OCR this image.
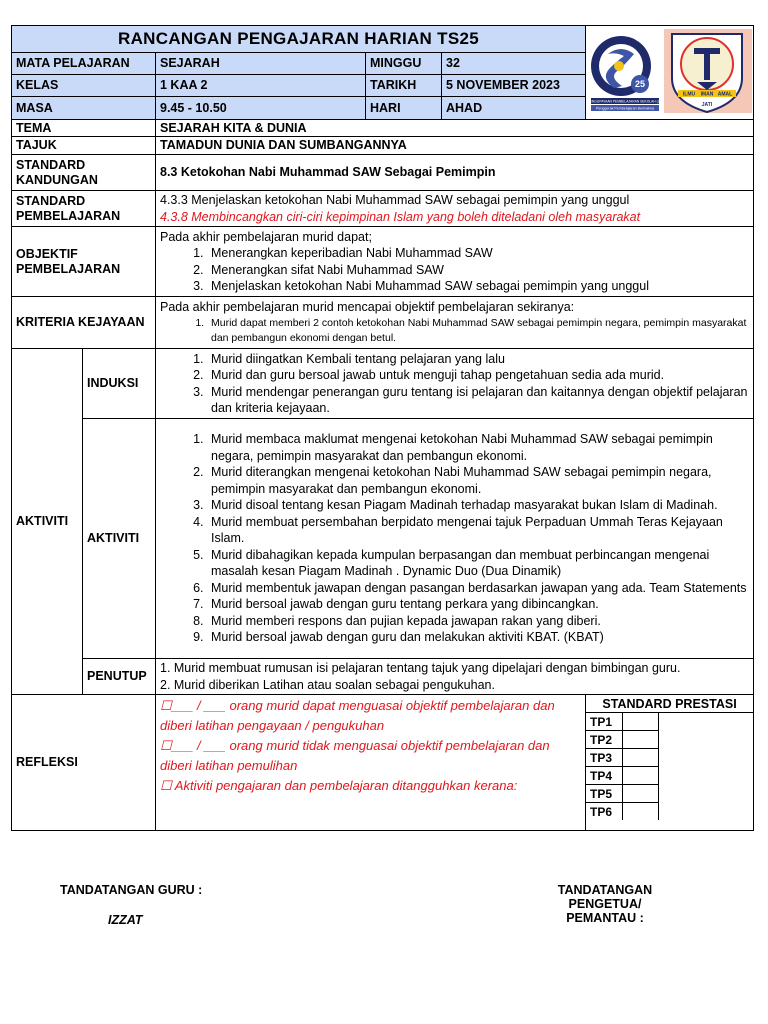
RANCANGAN PENGAJARAN HARIAN TS25	
25
PENGUPAYAAN PEMBELAJARAN SEKOLAH (25)
Penggerak Pembelajaran Bermakna
ILMU IMAN AMAL
JATI

MATA PELAJARAN	SEJARAH	MINGGU	32
KELAS	1 KAA 2	TARIKH	5 NOVEMBER 2023
MASA	9.45 - 10.50	HARI	AHAD
TEMA	SEJARAH KITA & DUNIA
TAJUK	TAMADUN DUNIA DAN SUMBANGANNYA
STANDARD KANDUNGAN	8.3 Ketokohan Nabi Muhammad SAW Sebagai Pemimpin
STANDARD PEMBELAJARAN	
4.3.3 Menjelaskan ketokohan Nabi Muhammad SAW sebagai pemimpin yang unggul
4.3.8 Membincangkan ciri-ciri kepimpinan Islam yang boleh diteladani oleh masyarakat

OBJEKTIF PEMBELAJARAN	
Pada akhir pembelajaran murid dapat;
1. Menerangkan keperibadian Nabi Muhammad SAW
2. Menerangkan sifat Nabi Muhammad SAW
3. Menjelaskan ketokohan Nabi Muhammad SAW sebagai pemimpin yang unggul

KRITERIA KEJAYAAN	
Pada akhir pembelajaran murid mencapai objektif pembelajaran sekiranya:
1. Murid dapat memberi 2 contoh ketokohan Nabi Muhammad SAW sebagai pemimpin negara, pemimpin masyarakat dan pembangun ekonomi dengan betul.

AKTIVITI	INDUKSI	
1. Murid diingatkan Kembali tentang pelajaran yang lalu
2. Murid dan guru bersoal jawab untuk menguji tahap pengetahuan sedia ada murid.
3. Murid mendengar penerangan guru tentang isi pelajaran dan kaitannya dengan objektif pelajaran dan kriteria kejayaan.

AKTIVITI	
1. Murid membaca maklumat mengenai ketokohan Nabi Muhammad SAW sebagai pemimpin negara, pemimpin masyarakat dan pembangun ekonomi.
2. Murid diterangkan mengenai ketokohan Nabi Muhammad SAW sebagai pemimpin negara, pemimpin masyarakat dan pembangun ekonomi.
3. Murid disoal tentang kesan Piagam Madinah terhadap masyarakat bukan Islam di Madinah.
4. Murid membuat persembahan berpidato mengenai tajuk Perpaduan Ummah Teras Kejayaan Islam.
5. Murid dibahagikan kepada kumpulan berpasangan dan membuat perbincangan mengenai masalah kesan Piagam Madinah . Dynamic Duo (Dua Dinamik)
6. Murid membentuk jawapan dengan pasangan berdasarkan jawapan yang ada. Team Statements
7. Murid bersoal jawab dengan guru tentang perkara yang dibincangkan.
8. Murid memberi respons dan pujian kepada jawapan rakan yang diberi.
9. Murid bersoal jawab dengan guru dan melakukan aktiviti KBAT. (KBAT)

PENUTUP	
1. Murid membuat rumusan isi pelajaran tentang tajuk yang dipelajari dengan bimbingan guru.
2. Murid diberikan Latihan atau soalan sebagai pengukuhan.

REFLEKSI	
☐___ / ___ orang murid dapat menguasai objektif pembelajaran dan diberi latihan pengayaan / pengukuhan
☐___ / ___ orang murid tidak menguasai objektif pembelajaran dan diberi latihan pemulihan
☐ Aktiviti pengajaran dan pembelajaran ditangguhkan kerana:

STANDARD PRESTASI
TP1		
TP2		
TP3		
TP4		
TP5		
TP6		
TANDATANGAN GURU :
IZZAT
TANDATANGAN PENGETUA/
PEMANTAU :
